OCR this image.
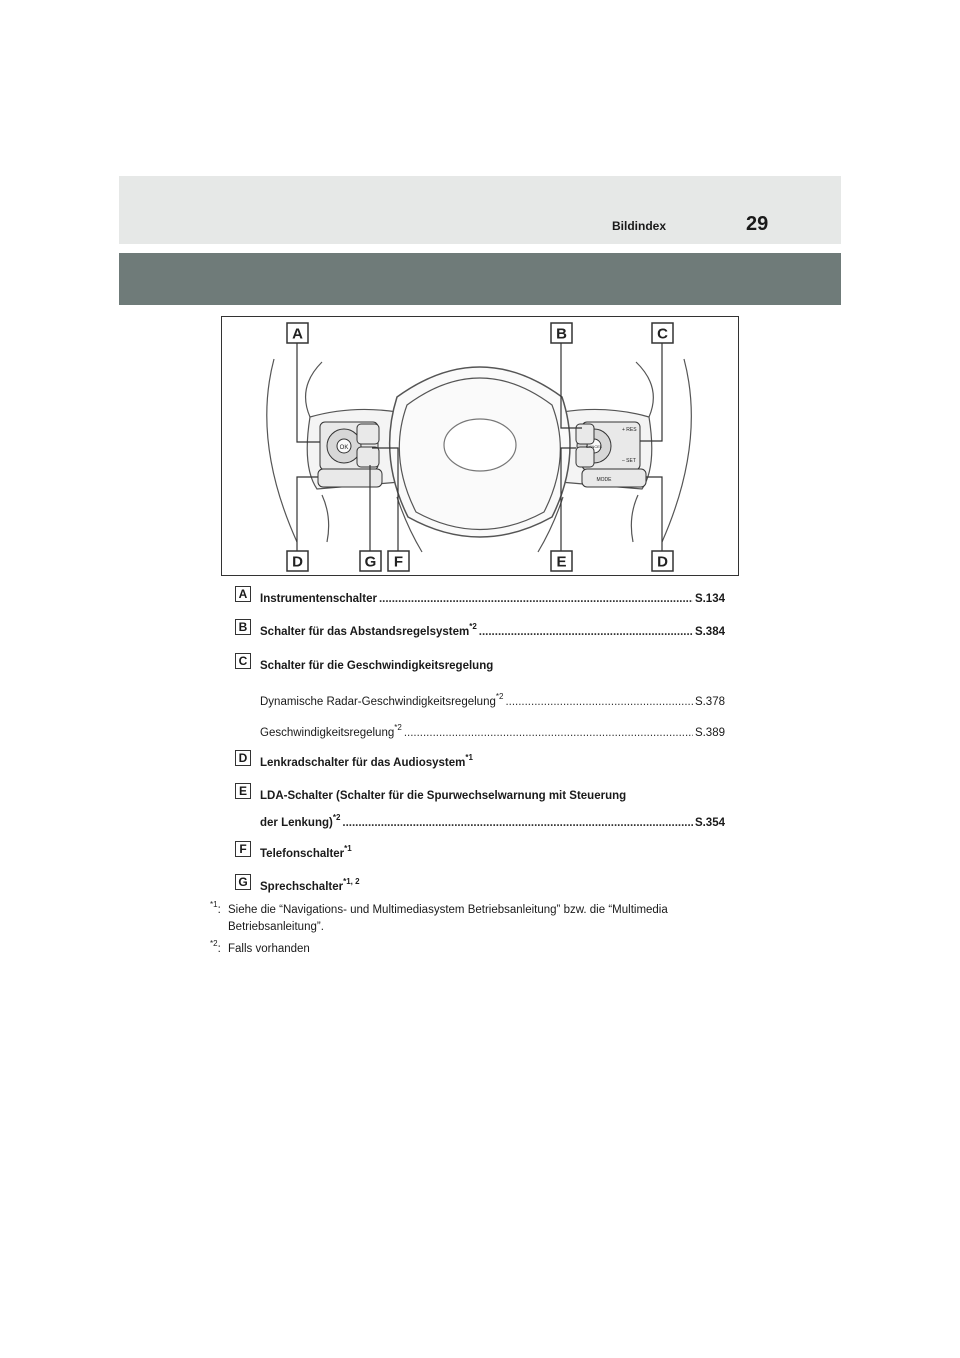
Bildindex	29
OK
+ RES
– SET
CANCEL
MODE
A	B	C
D	G F	E	D
A	Instrumentenschalter .....	S.134
B	Schalter für das Abstandsregelsystem$^{*2}$ .....	S.384
C	Schalter für die Geschwindigkeitsregelung
Dynamische Radar-Geschwindigkeitsregelung$^{*2}$ .....	S.378
Geschwindigkeitsregelung$^{*2}$ .....	S.389
D	Lenkradschalter für das Audiosystem$^{*1}$
E	LDA-Schalter (Schalter für die Spurwechselwarnung mit Steuerung
der Lenkung)$^{*2}$ .....	S.354
F	Telefonschalter$^{*1}$
G Sprechschalter$^{*1, 2}$
$^{*1}$: Siehe die “Navigations- und Multimediasystem Betriebsanleitung” bzw. die “Multimedia Betriebsanleitung”.
$^{*2}$: Falls vorhanden
